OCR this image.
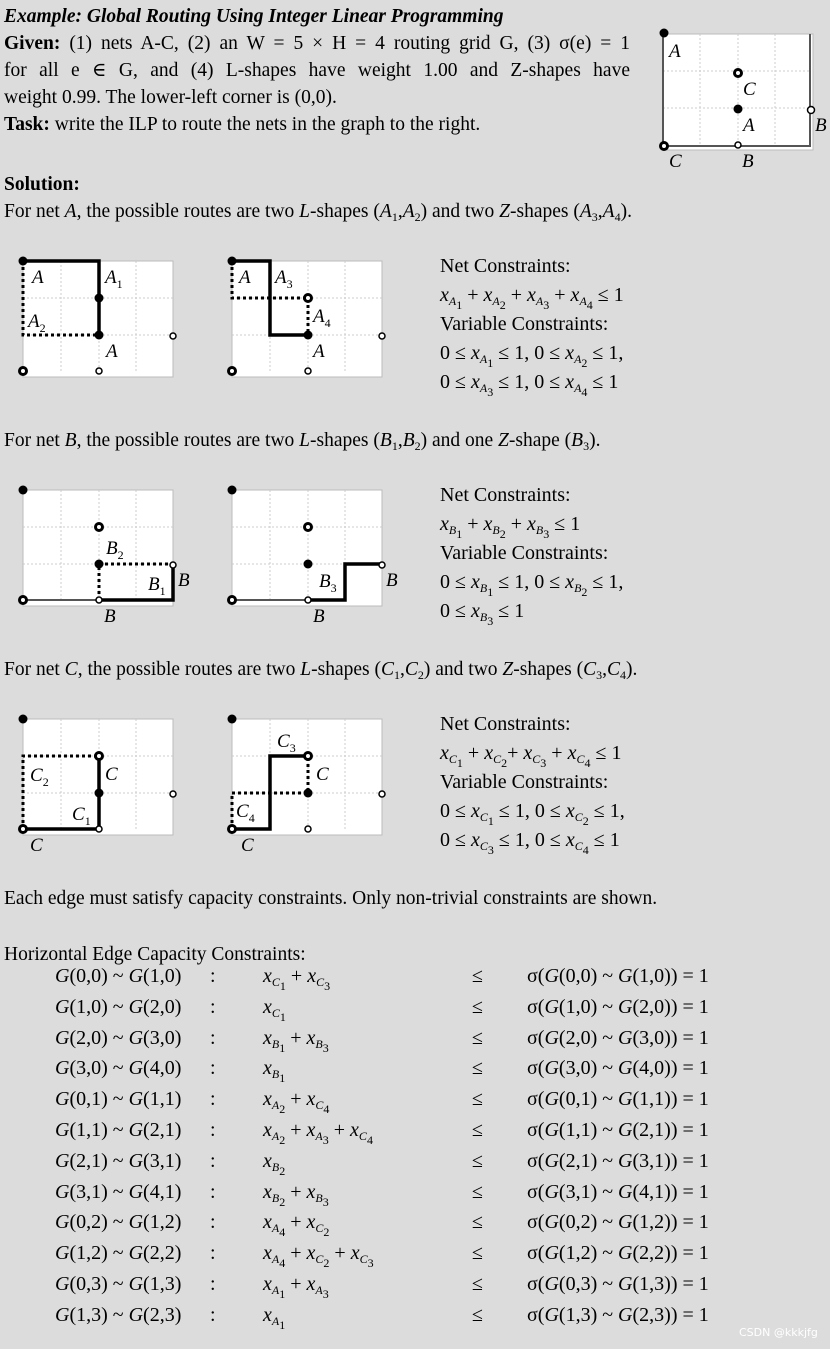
Example: Global Routing Using Integer Linear Programming
Given: (1) nets A-C, (2) an W = 5 × H = 4 routing grid G, (3) σ(e) = 1
for all e ∈ G, and (4) L-shapes have weight 1.00 and Z-shapes have
weight 0.99. The lower-left corner is (0,0).
Task: write the ILP to route the nets in the graph to the right.
A
C
A	B
C	B
Solution:
For net A, the possible routes are two L-shapes $(A_1,A_2)$ and two Z-shapes $(A_3,A_4)$.
A	$A_1$
$A_2$
A
A $A_3$
$A_4$
A
Net Constraints:
$x_{A_1} + x_{A_2} + x_{A_3} + x_{A_4} \le 1$
Variable Constraints:
$0 \le x_{A_1} \le 1$, $0 \le x_{A_2} \le 1$,
$0 \le x_{A_3} \le 1$, $0 \le x_{A_4} \le 1$
For net B, the possible routes are two L-shapes $(B_1,B_2)$ and one Z-shape $(B_3)$.
$B_2$
$B_1$ B
B
$B_3$	B
B
Net Constraints:
$x_{B_1} + x_{B_2} + x_{B_3} \le 1$
Variable Constraints:
$0 \le x_{B_1} \le 1$, $0 \le x_{B_2} \le 1$,
$0 \le x_{B_3} \le 1$
For net C, the possible routes are two L-shapes $(C_1,C_2)$ and two Z-shapes $(C_3,C_4)$.
$C_2$	C
$C_1$
C
$C_3$
C
$C_4$
C
Net Constraints:
$x_{C_1} + x_{C_2}+ x_{C_3} + x_{C_4} \le 1$
Variable Constraints:
$0 \le x_{C_1} \le 1$, $0 \le x_{C_2} \le 1$,
$0 \le x_{C_3} \le 1$, $0 \le x_{C_4} \le 1$
Each edge must satisfy capacity constraints. Only non-trivial constraints are shown.
Horizontal Edge Capacity Constraints:
G(0,0) ~ G(1,0) : $x_{C_1} + x_{C_3}$	≤ σ(G(0,0) ~ G(1,0)) = 1
G(1,0) ~ G(2,0) : $x_{C_1}$	≤ σ(G(1,0) ~ G(2,0)) = 1
G(2,0) ~ G(3,0) : $x_{B_1} + x_{B_3}$	≤ σ(G(2,0) ~ G(3,0)) = 1
G(3,0) ~ G(4,0) : $x_{B_1}$	≤ σ(G(3,0) ~ G(4,0)) = 1
G(0,1) ~ G(1,1) : $x_{A_2} + x_{C_4}$	≤ σ(G(0,1) ~ G(1,1)) = 1
G(1,1) ~ G(2,1) : $x_{A_2} + x_{A_3} + x_{C_4}$	≤ σ(G(1,1) ~ G(2,1)) = 1
G(2,1) ~ G(3,1) : $x_{B_2}$	≤ σ(G(2,1) ~ G(3,1)) = 1
G(3,1) ~ G(4,1) : $x_{B_2} + x_{B_3}$	≤ σ(G(3,1) ~ G(4,1)) = 1
G(0,2) ~ G(1,2) : $x_{A_4} + x_{C_2}$	≤ σ(G(0,2) ~ G(1,2)) = 1
G(1,2) ~ G(2,2) : $x_{A_4} + x_{C_2} + x_{C_3}$	≤ σ(G(1,2) ~ G(2,2)) = 1
G(0,3) ~ G(1,3) : $x_{A_1} + x_{A_3}$	≤ σ(G(0,3) ~ G(1,3)) = 1
G(1,3) ~ G(2,3) : $x_{A_1}$	≤ σ(G(1,3) ~ G(2,3)) = 1
CSDN @kkkjfg
